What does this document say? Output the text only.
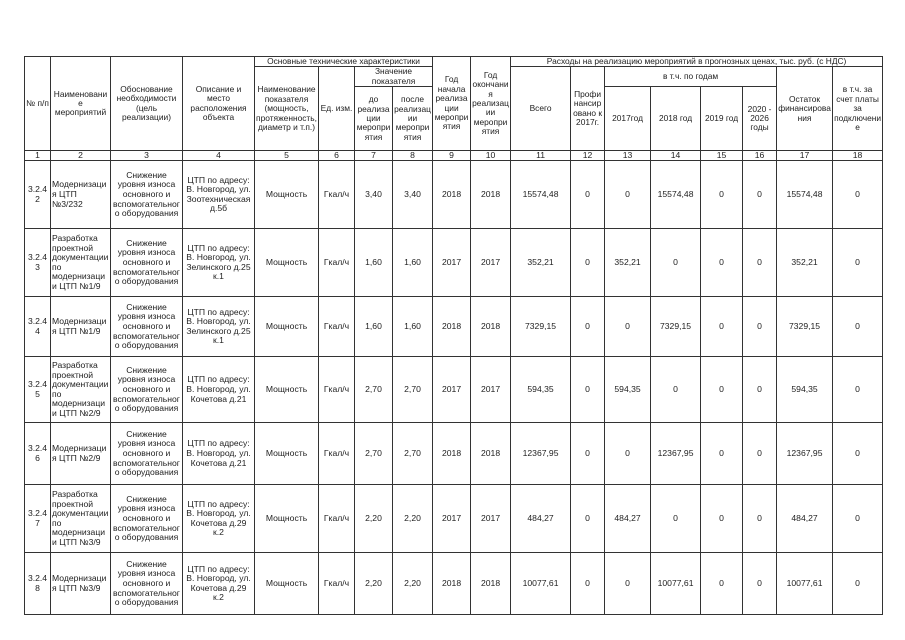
№ п/п	Наименование мероприятий	Обоснование необходимости (цель реализации)	Описание и место расположения объекта	Основные технические характеристики				Год начала реализации мероприятия	Год окончания реализации мероприятия	Расходы на реализацию мероприятий в прогнозных ценах, тыс. руб. (с НДС)							
				Наименование показателя (мощность, протяженность, диаметр и т.п.)	Ед. изм.	Значение показателя				Всего	Профинансировано к 2017г.	в т.ч. по годам				Остаток финансирования	в т.ч. за счет платы за подключение
						до реализации мероприятия	после реализации мероприятия					2017год	2018 год	2019 год	2020 - 2026 годы		

1	2	3	4	5	6	7	8	9	10	11	12	13	14	15	16	17	18
3.2.4 2	Модернизация ЦТП №3/232	Снижение уровня износа основного и вспомогательного оборудования	ЦТП по адресу: В. Новгород, ул. Зоотехническая д.5б	Мощность	Гкал/ч	3,40	3,40	2018	2018	15574,48	0	0	15574,48	0	0	15574,48	0
3.2.4 3	Разработка проектной документации по модернизации ЦТП №1/9	Снижение уровня износа основного и вспомогательного оборудования	ЦТП по адресу: В. Новгород, ул. Зелинского д.25 к.1	Мощность	Гкал/ч	1,60	1,60	2017	2017	352,21	0	352,21	0	0	0	352,21	0
3.2.4 4	Модернизация ЦТП №1/9	Снижение уровня износа основного и вспомогательного оборудования	ЦТП по адресу: В. Новгород, ул. Зелинского д.25 к.1	Мощность	Гкал/ч	1,60	1,60	2018	2018	7329,15	0	0	7329,15	0	0	7329,15	0
3.2.4 5	Разработка проектной документации по модернизации ЦТП №2/9	Снижение уровня износа основного и вспомогательного оборудования	ЦТП по адресу: В. Новгород, ул. Кочетова д.21	Мощность	Гкал/ч	2,70	2,70	2017	2017	594,35	0	594,35	0	0	0	594,35	0
3.2.4 6	Модернизация ЦТП №2/9	Снижение уровня износа основного и вспомогательного оборудования	ЦТП по адресу: В. Новгород, ул. Кочетова д.21	Мощность	Гкал/ч	2,70	2,70	2018	2018	12367,95	0	0	12367,95	0	0	12367,95	0
3.2.4 7	Разработка проектной документации по модернизации ЦТП №3/9	Снижение уровня износа основного и вспомогательного оборудования	ЦТП по адресу: В. Новгород, ул. Кочетова д.29 к.2	Мощность	Гкал/ч	2,20	2,20	2017	2017	484,27	0	484,27	0	0	0	484,27	0
3.2.4 8	Модернизация ЦТП №3/9	Снижение уровня износа основного и вспомогательного оборудования	ЦТП по адресу: В. Новгород, ул. Кочетова д.29 к.2	Мощность	Гкал/ч	2,20	2,20	2018	2018	10077,61	0	0	10077,61	0	0	10077,61	0
